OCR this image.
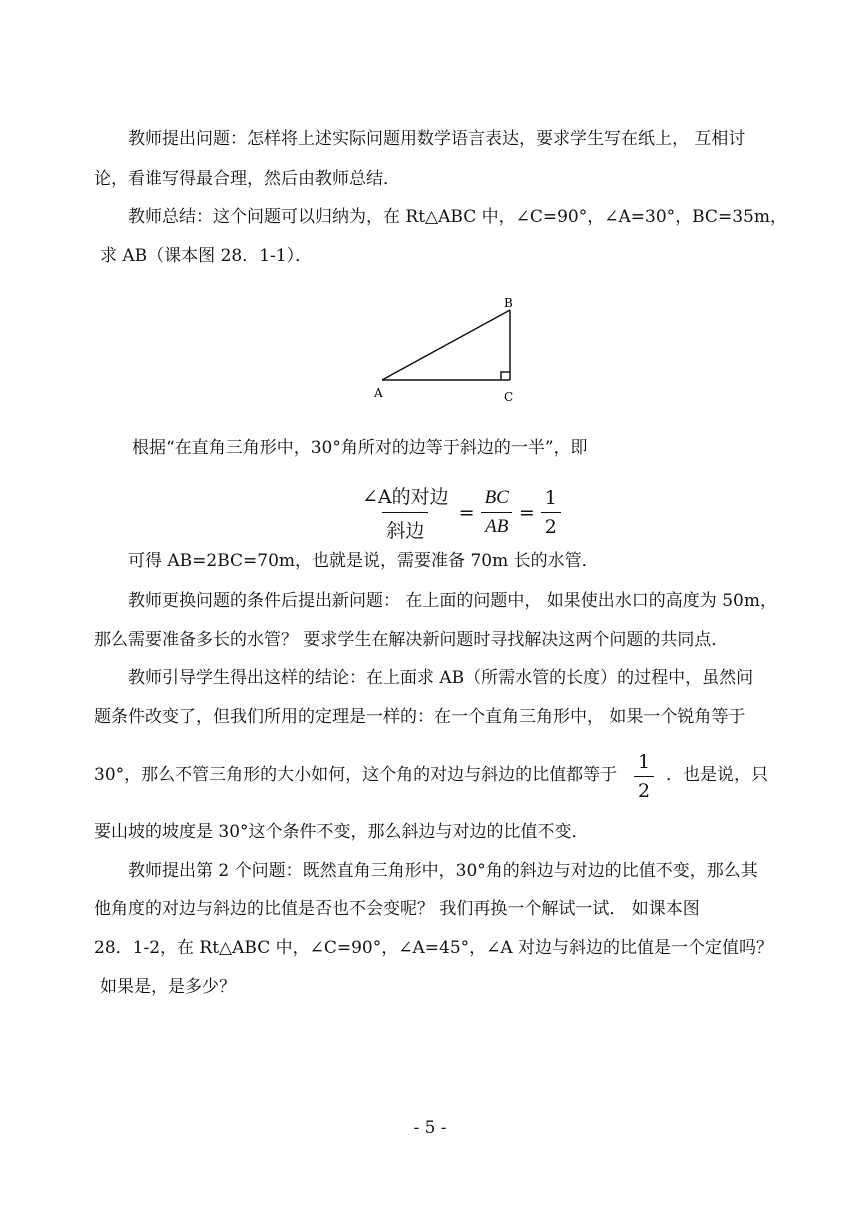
教师提出问题：怎样将上述实际问题用数学语言表达，要求学生写在纸上， 互相讨
论，看谁写得最合理，然后由教师总结．
教师总结：这个问题可以归纳为，在 Rt△ABC 中，∠C=90°，∠A=30°，BC=35m，
求 AB（课本图 28．1-1）．
B
A	C
根据“在直角三角形中，30°角所对的边等于斜边的一半”，即
$\frac{\text{∠A的对边}}{\text{斜边}} = \frac{BC}{AB} = \frac{1}{2}$
可得 AB=2BC=70m，也就是说，需要准备 70m 长的水管．
教师更换问题的条件后提出新问题： 在上面的问题中， 如果使出水口的高度为 50m，
那么需要准备多长的水管？ 要求学生在解决新问题时寻找解决这两个问题的共同点．
教师引导学生得出这样的结论：在上面求 AB（所需水管的长度）的过程中，虽然问
题条件改变了，但我们所用的定理是一样的：在一个直角三角形中， 如果一个锐角等于
30°，那么不管三角形的大小如何，这个角的对边与斜边的比值都等于 $\frac{1}{2}$ ．也是说，只
要山坡的坡度是 30°这个条件不变，那么斜边与对边的比值不变．
教师提出第 2 个问题：既然直角三角形中，30°角的斜边与对边的比值不变，那么其
他角度的对边与斜边的比值是否也不会变呢？ 我们再换一个解试一试． 如课本图
28．1-2，在 Rt△ABC 中，∠C=90°，∠A=45°，∠A 对边与斜边的比值是一个定值吗？
如果是，是多少？
- 5 -
